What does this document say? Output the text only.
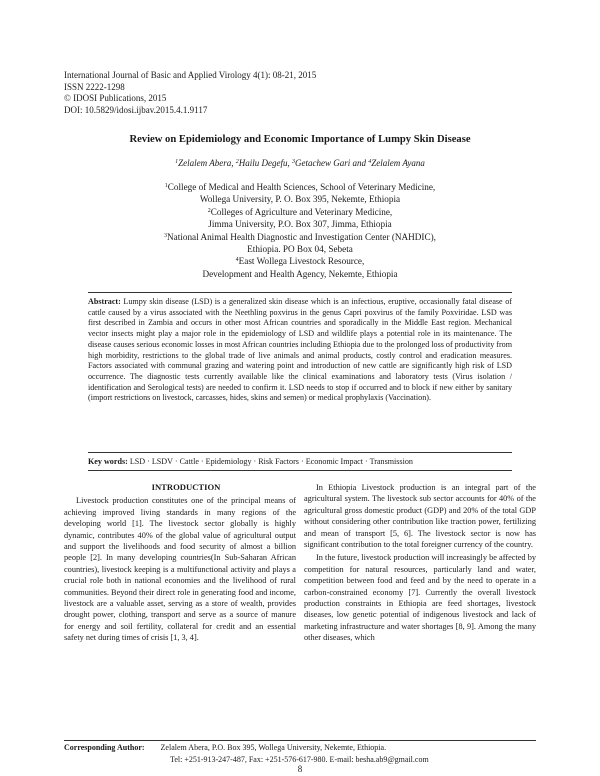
International Journal of Basic and Applied Virology 4(1): 08-21, 2015
ISSN 2222-1298
© IDOSI Publications, 2015
DOI: 10.5829/idosi.ijbav.2015.4.1.9117
Review on Epidemiology and Economic Importance of Lumpy Skin Disease
$^1$Zelalem Abera, $^2$Hailu Degefu, $^3$Getachew Gari and $^4$Zelalem Ayana
$^1$College of Medical and Health Sciences, School of Veterinary Medicine,
Wollega University, P. O. Box 395, Nekemte, Ethiopia
$^2$Colleges of Agriculture and Veterinary Medicine,
Jimma University, P.O. Box 307, Jimma, Ethiopia
$^3$National Animal Health Diagnostic and Investigation Center (NAHDIC),
Ethiopia. PO Box 04, Sebeta
$^4$East Wollega Livestock Resource,
Development and Health Agency, Nekemte, Ethiopia
Abstract: Lumpy skin disease (LSD) is a generalized skin disease which is an infectious, eruptive, occasionally fatal disease of cattle caused by a virus associated with the Neethling poxvirus in the genus Capri poxvirus of the family Poxviridae. LSD was first described in Zambia and occurs in other most African countries and sporadically in the Middle East region. Mechanical vector insects might play a major role in the epidemiology of LSD and wildlife plays a potential role in its maintenance. The disease causes serious economic losses in most African countries including Ethiopia due to the prolonged loss of productivity from high morbidity, restrictions to the global trade of live animals and animal products, costly control and eradication measures. Factors associated with communal grazing and watering point and introduction of new cattle are significantly high risk of LSD occurrence. The diagnostic tests currently available like the clinical examinations and laboratory tests (Virus isolation / identification and Serological tests) are needed to confirm it. LSD needs to stop if occurred and to block if new either by sanitary (import restrictions on livestock, carcasses, hides, skins and semen) or medical prophylaxis (Vaccination).
Key words: LSD · LSDV · Cattle · Epidemiology · Risk Factors · Economic Impact · Transmission

INTRODUCTION

Livestock production constitutes one of the principal means of achieving improved living standards in many regions of the developing world [1]. The livestock sector globally is highly dynamic, contributes 40% of the global value of agricultural output and support the livelihoods and food security of almost a billion people [2]. In many developing countries(In Sub-Saharan African countries), livestock keeping is a multifunctional activity and plays a crucial role both in national economies and the livelihood of rural communities. Beyond their direct role in generating food and income, livestock are a valuable asset, serving as a store of wealth, provides drought power, clothing, transport and serve as a source of manure for energy and soil fertility, collateral for credit and an essential safety net during times of crisis [1, 3, 4].

In Ethiopia Livestock production is an integral part of the agricultural system. The livestock sub sector accounts for 40% of the agricultural gross domestic product (GDP) and 20% of the total GDP without considering other contribution like traction power, fertilizing and mean of transport [5, 6]. The livestock sector is now has significant contribution to the total foreigner currency of the country.

In the future, livestock production will increasingly be affected by competition for natural resources, particularly land and water, competition between food and feed and by the need to operate in a carbon-constrained economy [7]. Currently the overall livestock production constraints in Ethiopia are feed shortages, livestock diseases, low genetic potential of indigenous livestock and lack of marketing infrastructure and water shortages [8, 9]. Among the many other diseases, which

Corresponding Author: Zelalem Abera, P.O. Box 395, Wollega University, Nekemte, Ethiopia.
Tel: +251-913-247-487, Fax: +251-576-617-980. E-mail: besha.ab9@gmail.com
8
